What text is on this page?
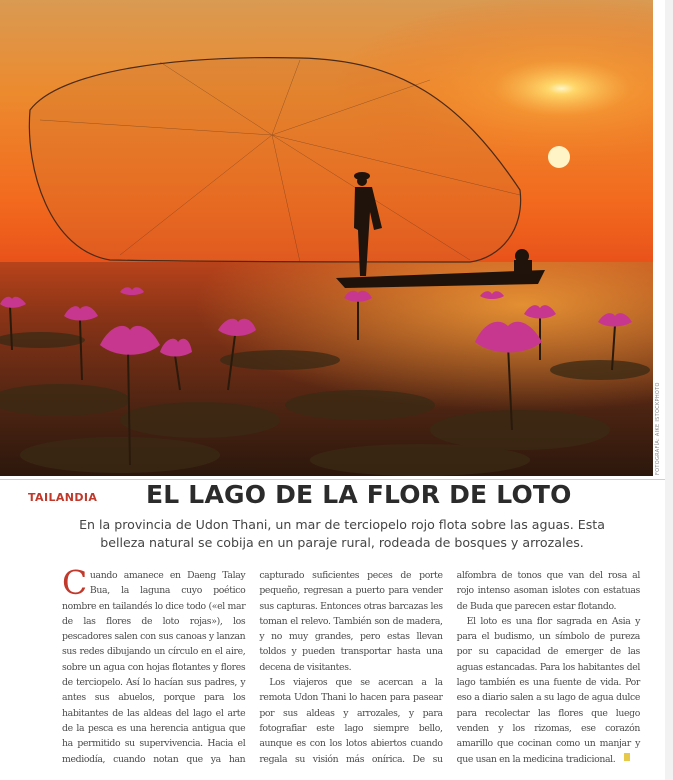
FOTOGRAFÍA: AIKE ISTOCKPHOTO
TAILANDIA EL LAGO DE LA FLOR DE LOTO
En la provincia de Udon Thani, un mar de terciopelo rojo flota sobre las aguas. Esta belleza natural se cobija en un paraje rural, rodeada de bosques y arrozales.

Cuando amanece en Daeng Talay Bua, la laguna cuyo poético nombre en tailandés lo dice todo («el mar de las flores de loto rojas»), los pescadores salen con sus canoas y lanzan sus redes dibujando un círculo en el aire, sobre un agua con hojas flotantes y flores de terciopelo. Así lo hacían sus padres, y antes sus abuelos, porque para los habitantes de las aldeas del lago el arte de la pesca es una herencia antigua que ha permitido su supervivencia. Hacia el mediodía, cuando notan que ya han capturado suficientes peces de porte pequeño, regresan a puerto para vender sus capturas. Entonces otras barcazas les toman el relevo. También son de madera, y no muy grandes, pero estas llevan toldos y pueden transportar hasta una decena de visitantes.

Los viajeros que se acercan a la remota Udon Thani lo hacen para pasear por sus aldeas y arrozales, y para fotografiar este lago siempre bello, aunque es con los lotos abiertos cuando regala su visión más onírica. De su alfombra de tonos que van del rosa al rojo intenso asoman islotes con estatuas de Buda que parecen estar flotando.

El loto es una flor sagrada en Asia y para el budismo, un símbolo de pureza por su capacidad de emerger de las aguas estancadas. Para los habitantes del lago también es una fuente de vida. Por eso a diario salen a su lago de agua dulce para recolectar las flores que luego venden y los rizomas, ese corazón amarillo que cocinan como un manjar y que usan en la medicina tradicional.
